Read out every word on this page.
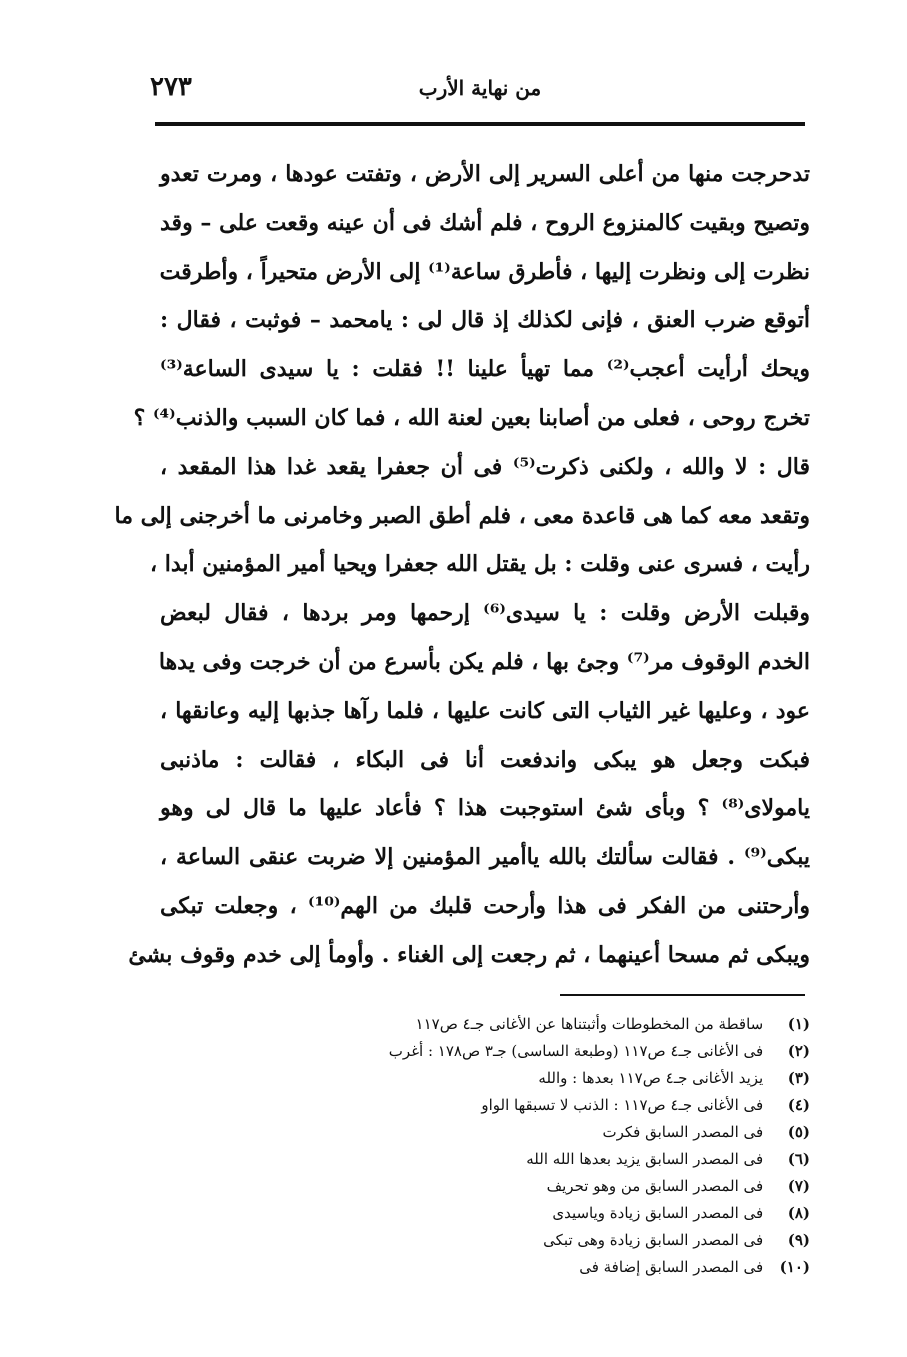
٢٧٣	من نهاية الأرب
تدحرجت منها من أعلى السرير إلى الأرض ، وتفتت عودها ، ومرت تعدو
وتصيح وبقيت كالمنزوع الروح ، فلم أشك فى أن عينه وقعت على – وقد
نظرت إلى ونظرت إليها ، فأطرق ساعة⁽¹⁾ إلى الأرض متحيراً ، وأطرقت
أتوقع ضرب العنق ، فإنى لكذلك إذ قال لى : يامحمد – فوثبت ، فقال :
ويحك أرأيت أعجب⁽²⁾ مما تهيأ علينا !! فقلت : يا سيدى الساعة⁽³⁾
تخرج روحى ، فعلى من أصابنا بعين لعنة الله ، فما كان السبب والذنب⁽⁴⁾ ؟
قال : لا والله ، ولكنى ذكرت⁽⁵⁾ فى أن جعفرا يقعد غدا هذا المقعد ،
وتقعد معه كما هى قاعدة معى ، فلم أطق الصبر وخامرنى ما أخرجنى إلى ما
رأيت ، فسرى عنى وقلت : بل يقتل الله جعفرا ويحيا أمير المؤمنين أبدا ،
وقبلت الأرض وقلت : يا سيدى⁽⁶⁾ إرحمها ومر بردها ، فقال لبعض
الخدم الوقوف مر⁽⁷⁾ وجئ بها ، فلم يكن بأسرع من أن خرجت وفى يدها
عود ، وعليها غير الثياب التى كانت عليها ، فلما رآها جذبها إليه وعانقها ،
فبكت وجعل هو يبكى واندفعت أنا فى البكاء ، فقالت : ماذنبى
يامولاى⁽⁸⁾ ؟ وبأى شئ استوجبت هذا ؟ فأعاد عليها ما قال لى وهو
يبكى⁽⁹⁾ . فقالت سألتك بالله ياأمير المؤمنين إلا ضربت عنقى الساعة ،
وأرحتنى من الفكر فى هذا وأرحت قلبك من الهم⁽¹⁰⁾ ، وجعلت تبكى
ويبكى ثم مسحا أعينهما ، ثم رجعت إلى الغناء . وأومأ إلى خدم وقوف بشئ
(١) ساقطة من المخطوطات وأثبتناها عن الأغانى جـ٤ ص١١٧
(٢) فى الأغانى جـ٤ ص١١٧ (وطبعة الساسى) جـ٣ ص١٧٨ : أغرب
(٣) يزيد الأغانى جـ٤ ص١١٧ بعدها : والله
(٤) فى الأغانى جـ٤ ص١١٧ : الذنب لا تسبقها الواو
(٥) فى المصدر السابق فكرت
(٦) فى المصدر السابق يزيد بعدها الله الله
(٧) فى المصدر السابق من وهو تحريف
(٨) فى المصدر السابق زيادة وياسيدى
(٩) فى المصدر السابق زيادة وهى تبكى
(١٠) فى المصدر السابق إضافة فى
